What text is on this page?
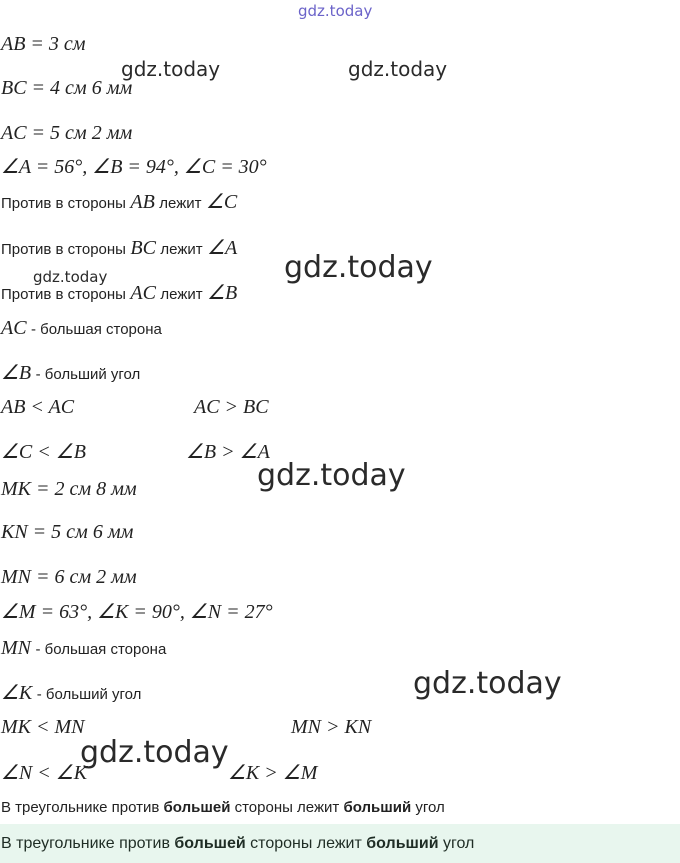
gdz.today
gdz.today	gdz.today
gdz.today	gdz.today
gdz.today
gdz.today
gdz.today
AB = 3 см
BC = 4 см 6 мм
AC = 5 см 2 мм
∠A = 56°, ∠B = 94°, ∠C = 30°
Против в стороны AB лежит ∠C
Против в стороны BC лежит ∠A
Против в стороны AC лежит ∠B
AC - большая сторона
∠B - больший угол
AB < AC	AC > BC
∠C < ∠B	∠B > ∠A
MK = 2 см 8 мм
KN = 5 см 6 мм
MN = 6 см 2 мм
∠M = 63°, ∠K = 90°, ∠N = 27°
MN - большая сторона
∠K - больший угол
MK < MN	MN > KN
∠N < ∠K	∠K > ∠M
В треугольнике против большей стороны лежит больший угол
В треугольнике против большей стороны лежит больший угол
